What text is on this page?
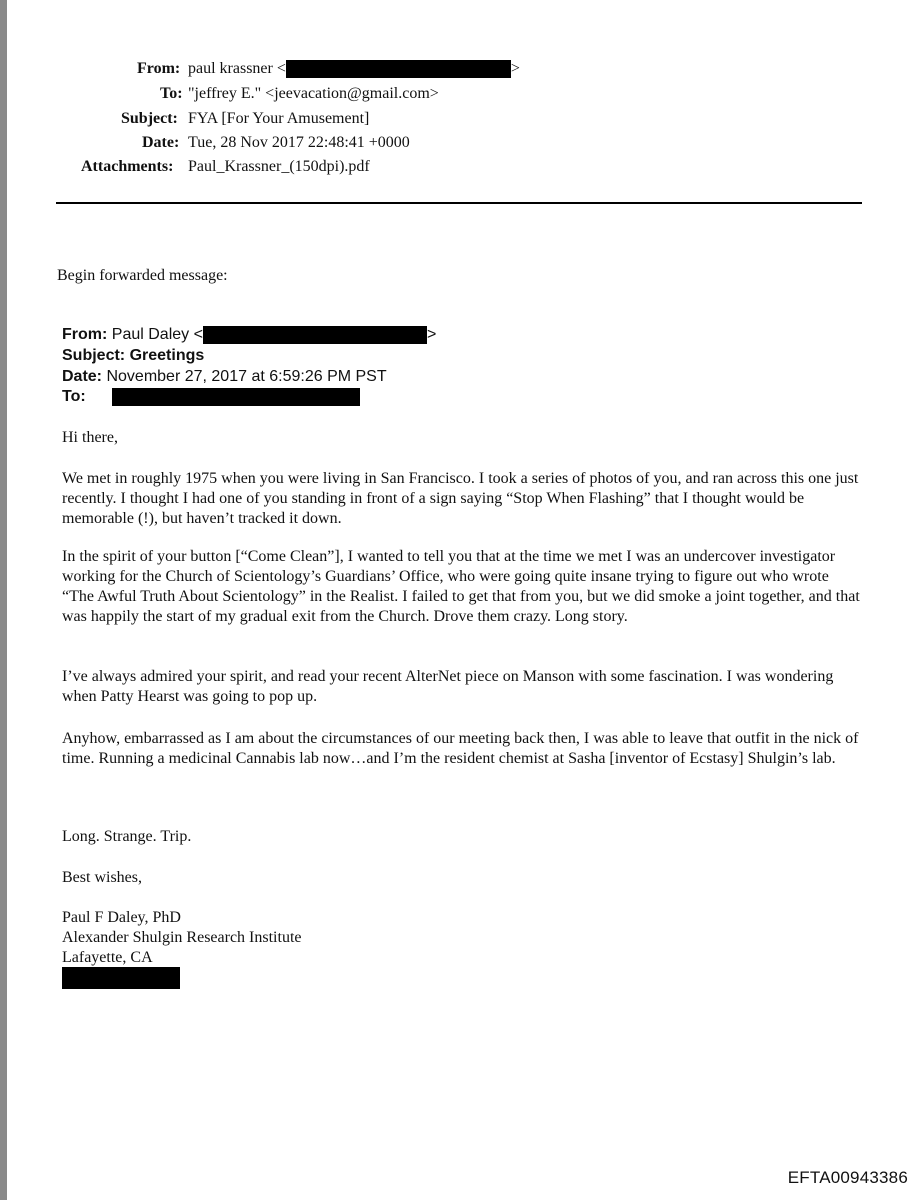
From: paul krassner <	>
To: "jeffrey E." <jeevacation@gmail.com>
Subject: FYA [For Your Amusement]
Date: Tue, 28 Nov 2017 22:48:41 +0000
Attachments: Paul_Krassner_(150dpi).pdf
Begin forwarded message:
From: Paul Daley <	>
Subject: Greetings
Date: November 27, 2017 at 6:59:26 PM PST
To:
Hi there,
We met in roughly 1975 when you were living in San Francisco. I took a series of photos of you, and ran across this one just recently. I thought I had one of you standing in front of a sign saying “Stop When Flashing” that I thought would be memorable (!), but haven’t tracked it down.
In the spirit of your button [“Come Clean”], I wanted to tell you that at the time we met I was an undercover investigator working for the Church of Scientology’s Guardians’ Office, who were going quite insane trying to figure out who wrote “The Awful Truth About Scientology” in the Realist. I failed to get that from you, but we did smoke a joint together, and that was happily the start of my gradual exit from the Church. Drove them crazy. Long story.
I’ve always admired your spirit, and read your recent AlterNet piece on Manson with some fascination. I was wondering when Patty Hearst was going to pop up.
Anyhow, embarrassed as I am about the circumstances of our meeting back then, I was able to leave that outfit in the nick of time. Running a medicinal Cannabis lab now…and I’m the resident chemist at Sasha [inventor of Ecstasy] Shulgin’s lab.
Long. Strange. Trip.
Best wishes,
Paul F Daley, PhD
Alexander Shulgin Research Institute
Lafayette, CA
EFTA00943386
